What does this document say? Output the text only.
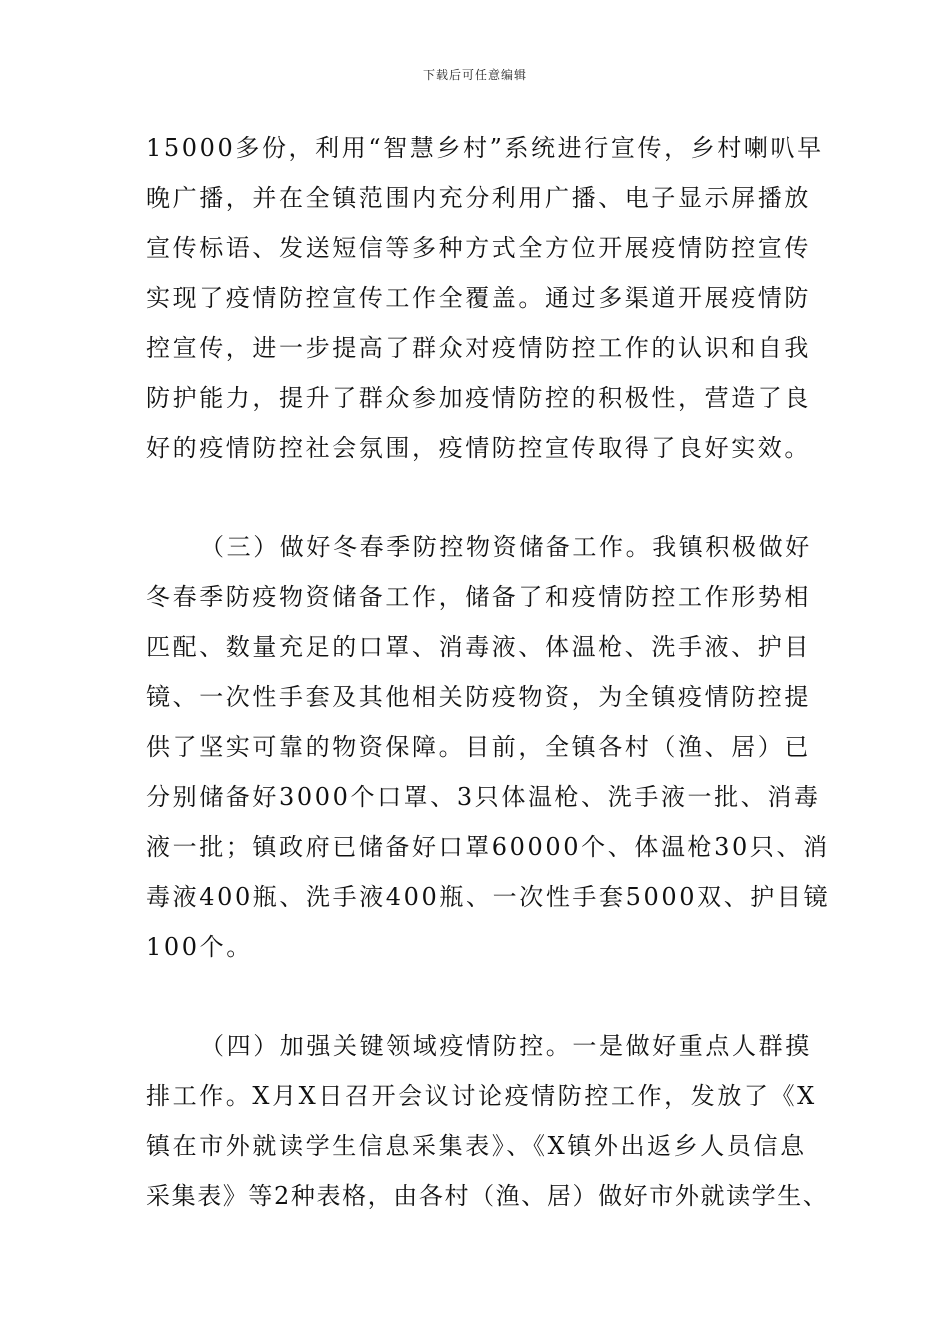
下载后可任意编辑
15000多份，利用“智慧乡村”系统进行宣传，乡村喇叭早
晚广播，并在全镇范围内充分利用广播、电子显示屏播放
宣传标语、发送短信等多种方式全方位开展疫情防控宣传
实现了疫情防控宣传工作全覆盖。通过多渠道开展疫情防
控宣传，进一步提高了群众对疫情防控工作的认识和自我
防护能力，提升了群众参加疫情防控的积极性，营造了良
好的疫情防控社会氛围，疫情防控宣传取得了良好实效。
（三）做好冬春季防控物资储备工作。我镇积极做好
冬春季防疫物资储备工作，储备了和疫情防控工作形势相
匹配、数量充足的口罩、消毒液、体温枪、洗手液、护目
镜、一次性手套及其他相关防疫物资，为全镇疫情防控提
供了坚实可靠的物资保障。目前，全镇各村（渔、居）已
分别储备好3000个口罩、3只体温枪、洗手液一批、消毒
液一批；镇政府已储备好口罩60000个、体温枪30只、消
毒液400瓶、洗手液400瓶、一次性手套5000双、护目镜
100个。
（四）加强关键领域疫情防控。一是做好重点人群摸
排工作。X月X日召开会议讨论疫情防控工作，发放了《X
镇在市外就读学生信息采集表》、《X镇外出返乡人员信息
采集表》等2种表格，由各村（渔、居）做好市外就读学生、
